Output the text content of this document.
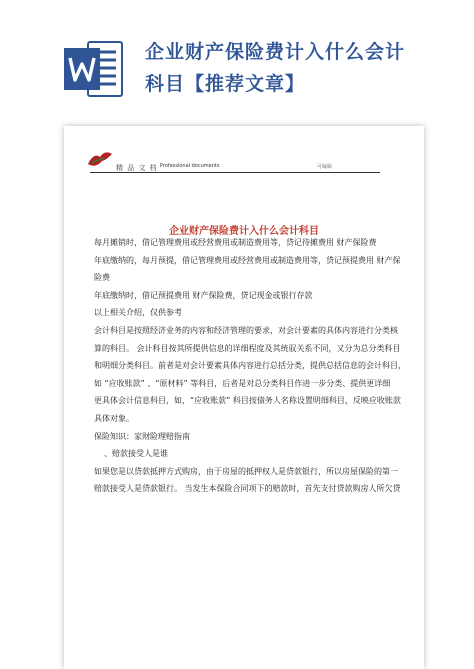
企业财产保险费计入什么会计
科目【推荐文章】
精 品 文 档 Professional documents	可编辑
企业财产保险费计入什么会计科目

每月摊销时，借记管理费用或经营费用或制造费用等，贷记待摊费用 财产保险费

年底缴纳的，每月预提，借记管理费用或经营费用或制造费用等，贷记预提费用 财产保

险费

年底缴纳时，借记预提费用 财产保险费，贷记现金或银行存款

以上相关介绍，仅供参考

会计科目是按照经济业务的内容和经济管理的要求，对会计要素的具体内容进行分类核

算的科目。 会计科目按其所提供信息的详细程度及其统驭关系不同，又分为总分类科目

和明细分类科目。前者是对会计要素具体内容进行总括分类，提供总括信息的会计科目，

如 “应收账款” 、“原材料” 等科目，后者是对总分类科目作进一步分类、提供更详细

更具体会计信息科目，如，“应收账款” 科目按债务人名称设置明细科目，反映应收账款

具体对象。

保险知识：家财险理赔指南

、赔款接受人是谁

如果您是以贷款抵押方式购房，由于房屋的抵押权人是贷款银行，所以房屋保险的第一

赔款接受人是贷款银行。 当发生本保险合同项下的赔款时，首先支付贷款购房人所欠贷
